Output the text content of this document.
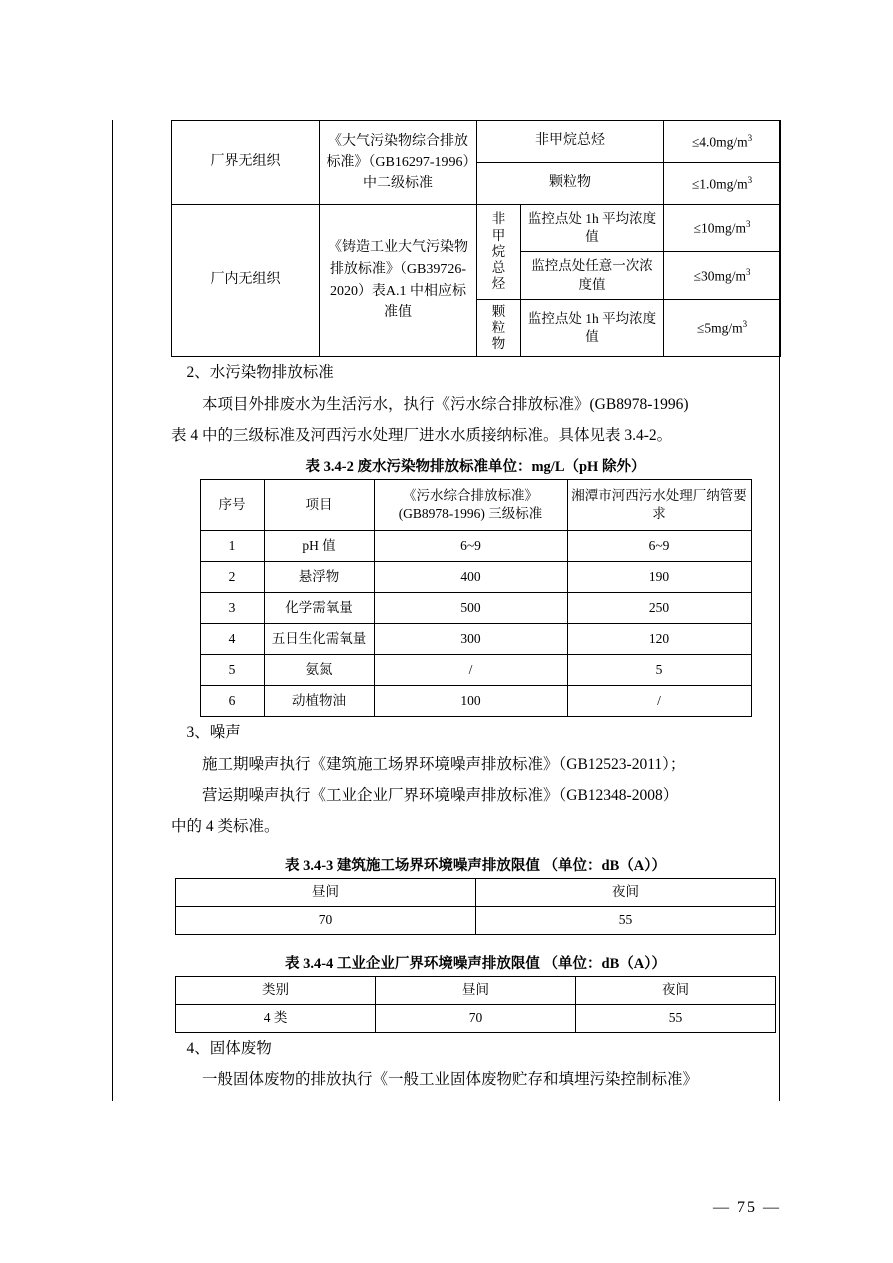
厂界无组织	《大气污染物综合排放标准》（GB16297-1996）中二级标准	非甲烷总烃		$\le 4.0mg/m^3$
		颗粒物		$\le 1.0mg/m^3$
厂内无组织	《铸造工业大气污染物排放标准》（GB39726-2020）表A.1 中相应标准值	非甲烷总烃	监控点处 1h 平均浓度值	$\le 10mg/m^3$
			监控点处任意一次浓度值	$\le 30mg/m^3$
		颗粒物	监控点处 1h 平均浓度值	$\le 5mg/m^3$

2、水污染物排放标准

本项目外排废水为生活污水，执行《污水综合排放标准》(GB8978-1996)

表 4 中的三级标准及河西污水处理厂进水水质接纳标准。具体见表 3.4-2。

表 3.4-2 废水污染物排放标准单位：mg/L（pH 除外）
序号	项目	《污水综合排放标准》(GB8978-1996) 三级标准	湘潭市河西污水处理厂纳管要求
1	pH 值	6~9	6~9
2	悬浮物	400	190
3	化学需氧量	500	250
4	五日生化需氧量	300	120
5	氨氮	/	5
6	动植物油	100	/

3、噪声

施工期噪声执行《建筑施工场界环境噪声排放标准》（GB12523-2011）；

营运期噪声执行《工业企业厂界环境噪声排放标准》（GB12348-2008）

中的 4 类标准。

表 3.4-3 建筑施工场界环境噪声排放限值 （单位：dB（A））
昼间	夜间
70	55
表 3.4-4 工业企业厂界环境噪声排放限值 （单位：dB（A））
类别	昼间	夜间
4 类	70	55

4、固体废物

一般固体废物的排放执行《一般工业固体废物贮存和填埋污染控制标准》

— 75 —
